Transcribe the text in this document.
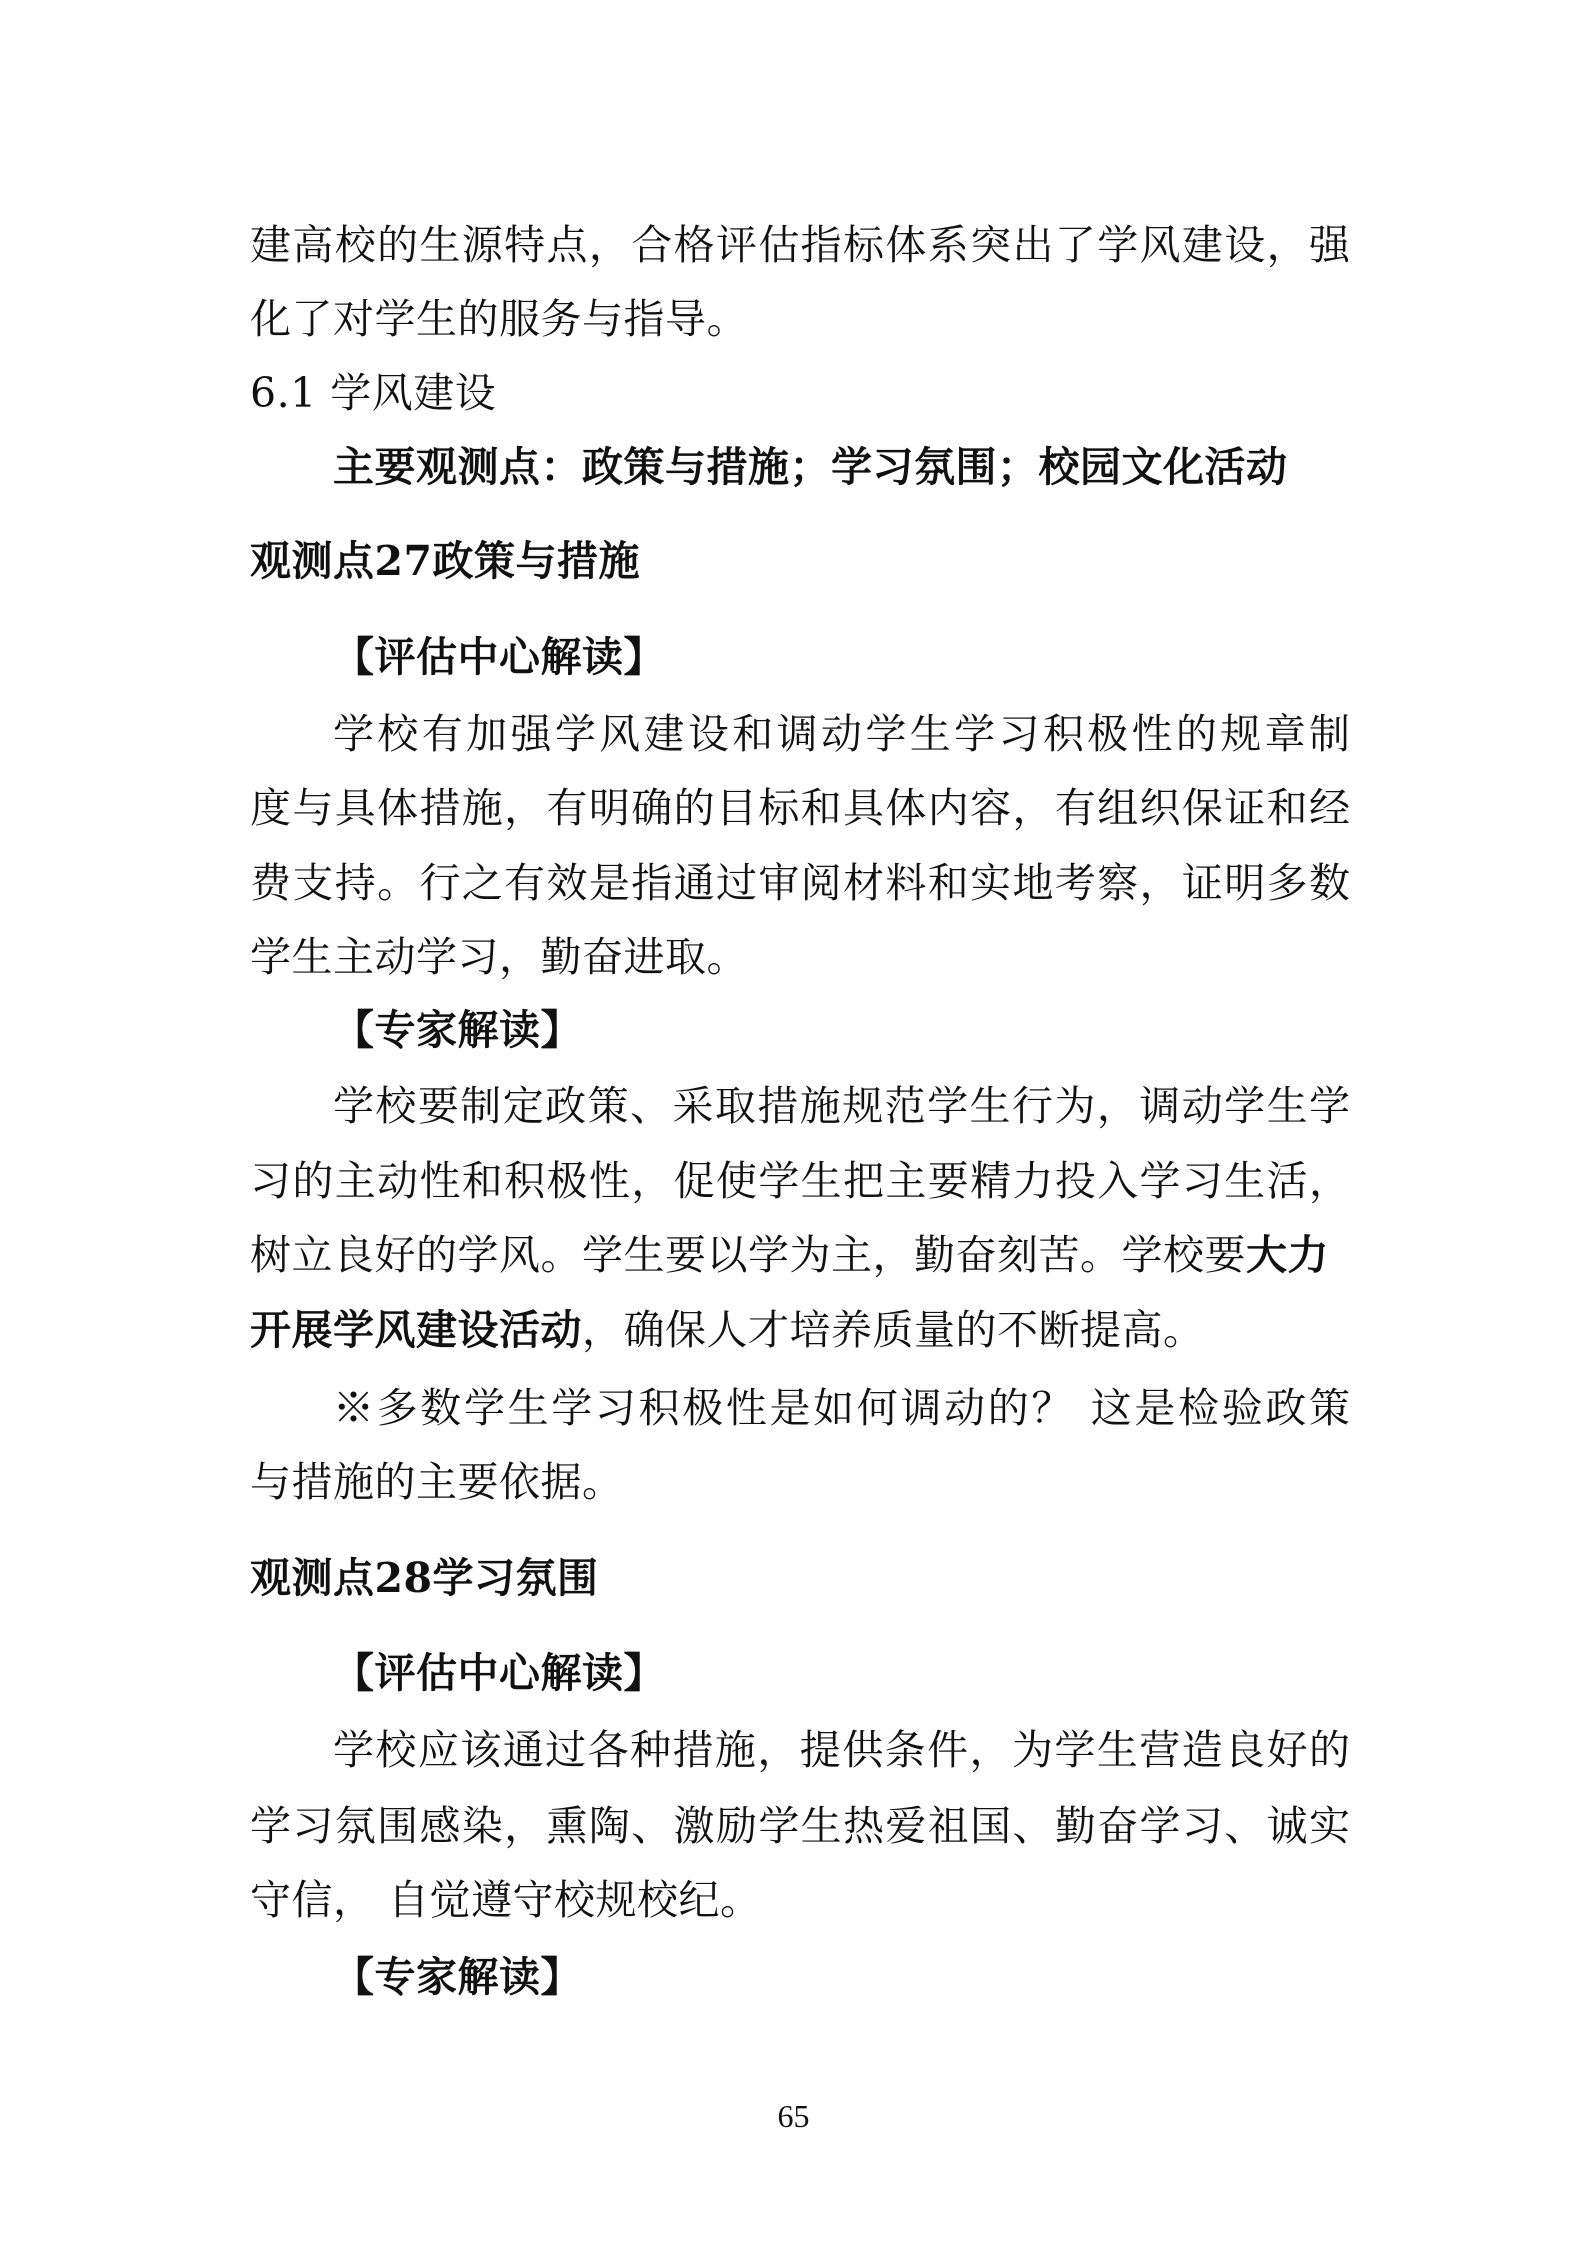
建高校的生源特点，合格评估指标体系突出了学风建设，强
化了对学生的服务与指导。
6.1 学风建设
主要观测点：政策与措施；学习氛围；校园文化活动
观测点27政策与措施
【评估中心解读】
学校有加强学风建设和调动学生学习积极性的规章制
度与具体措施，有明确的目标和具体内容，有组织保证和经
费支持。行之有效是指通过审阅材料和实地考察，证明多数
学生主动学习，勤奋进取。
【专家解读】
学校要制定政策、采取措施规范学生行为，调动学生学
习的主动性和积极性，促使学生把主要精力投入学习生活，
树立良好的学风。学生要以学为主，勤奋刻苦。学校要大力
开展学风建设活动，确保人才培养质量的不断提高。
※多数学生学习积极性是如何调动的？ 这是检验政策
与措施的主要依据。
观测点28学习氛围
【评估中心解读】
学校应该通过各种措施，提供条件，为学生营造良好的
学习氛围感染，熏陶、激励学生热爱祖国、勤奋学习、诚实
守信， 自觉遵守校规校纪。
【专家解读】
65
